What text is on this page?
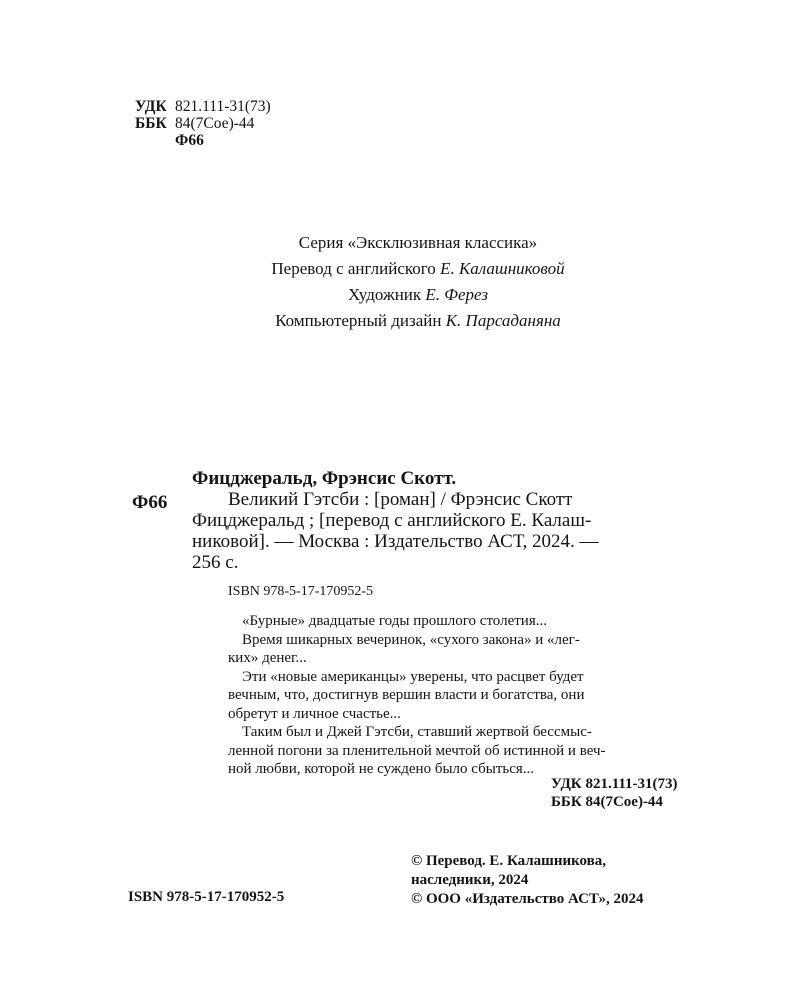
УДК 821.111-31(73)
ББК 84(7Сое)-44
Ф66
Серия «Эксклюзивная классика»
Перевод с английского Е. Калашниковой
Художник Е. Ферез
Компьютерный дизайн К. Парсаданяна
Ф66
Фицджеральд, Фрэнсис Скотт.
Великий Гэтсби : [роман] / Фрэнсис Скотт
Фицджеральд ; [перевод с английского Е. Калаш-
никовой]. — Москва : Издательство АСТ, 2024. —
256 с.
ISBN 978-5-17-170952-5
«Бурные» двадцатые годы прошлого столетия...
Время шикарных вечеринок, «сухого закона» и «лег-
ких» денег...
Эти «новые американцы» уверены, что расцвет будет
вечным, что, достигнув вершин власти и богатства, они
обретут и личное счастье...
Таким был и Джей Гэтсби, ставший жертвой бессмыс-
ленной погони за пленительной мечтой об истинной и веч-
ной любви, которой не суждено было сбыться...
УДК 821.111-31(73)
ББК 84(7Сое)-44
© Перевод. Е. Калашникова,
наследники, 2024
© ООО «Издательство АСТ», 2024
ISBN 978-5-17-170952-5
